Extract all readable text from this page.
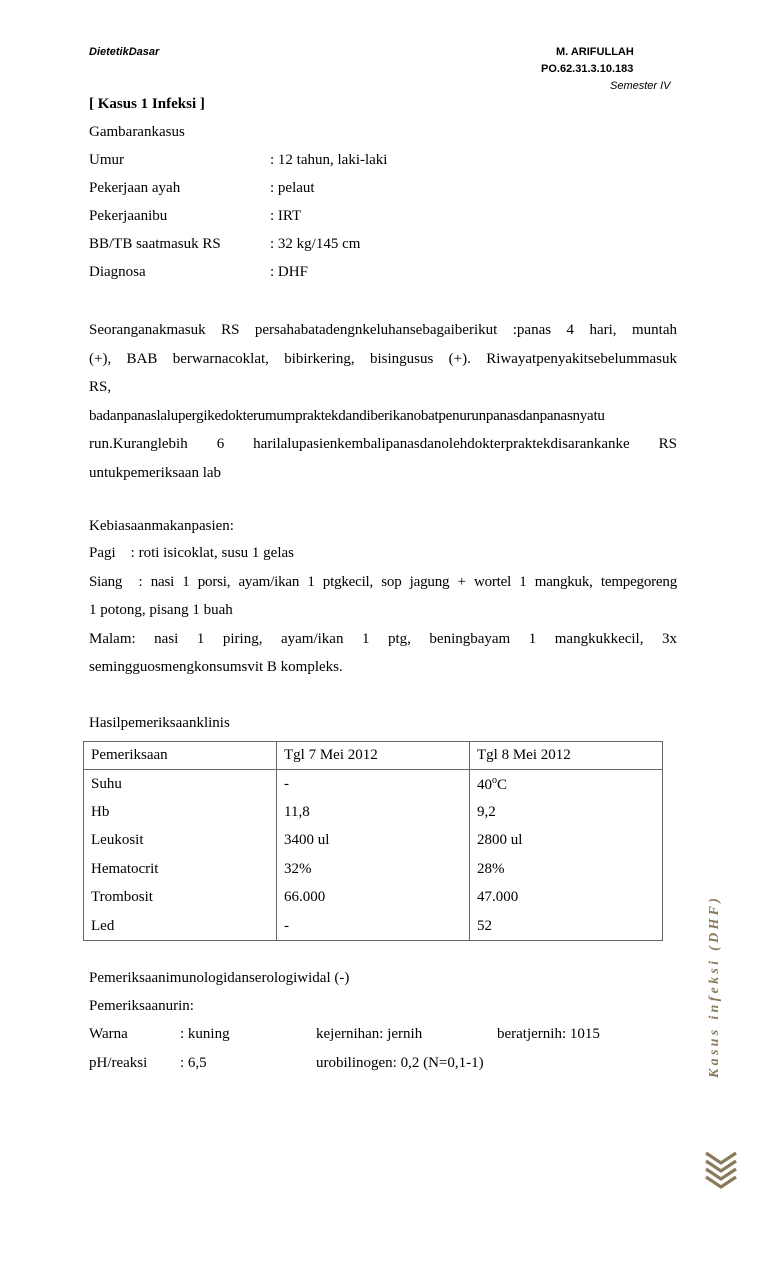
DietetikDasar	M. ARIFULLAH
PO.62.31.3.10.183
Semester IV
[ Kasus 1 Infeksi ]
Gambarankasus
Umur	: 12 tahun, laki-laki
Pekerjaan ayah	: pelaut
Pekerjaanibu	: IRT
BB/TB saatmasuk RS	: 32 kg/145 cm
Diagnosa	: DHF
Seoranganakmasuk RS persahabatadengnkeluhansebagaiberikut :panas 4 hari, muntah
(+), BAB berwarnacoklat, bibirkering, bisingusus (+). Riwayatpenyakitsebelummasuk
RS,
badanpanaslalupergikedokterumumpraktekdandiberikanobatpenurunpanasdanpanasnyatu
run.Kuranglebih 6 harilalupasienkembalipanasdanolehdokterpraktekdisarankanke RS
untukpemeriksaan lab
Kebiasaanmakanpasien:
Pagi    : roti isicoklat, susu 1 gelas
Siang  : nasi 1 porsi, ayam/ikan 1 ptgkecil, sop jagung + wortel 1 mangkuk, tempegoreng
1 potong, pisang 1 buah
Malam: nasi 1 piring, ayam/ikan 1 ptg, beningbayam 1 mangkukkecil, 3x
semingguosmengkonsumsvit B kompleks.
Hasilpemeriksaanklinis
Pemeriksaan	Tgl 7 Mei 2012	Tgl 8 Mei 2012
Suhu	-	40$^o$C
Hb	11,8	9,2
Leukosit	3400 ul	2800 ul
Hematocrit	32%	28%
Trombosit	66.000	47.000
Led	-	52
Pemeriksaanimunologidanserologiwidal (-)
Pemeriksaanurin:
Warna	: kuning	kejernihan: jernih	beratjernih: 1015
pH/reaksi : 6,5	urobilinogen: 0,2 (N=0,1-1)	Kasus infeksi (DHF)
